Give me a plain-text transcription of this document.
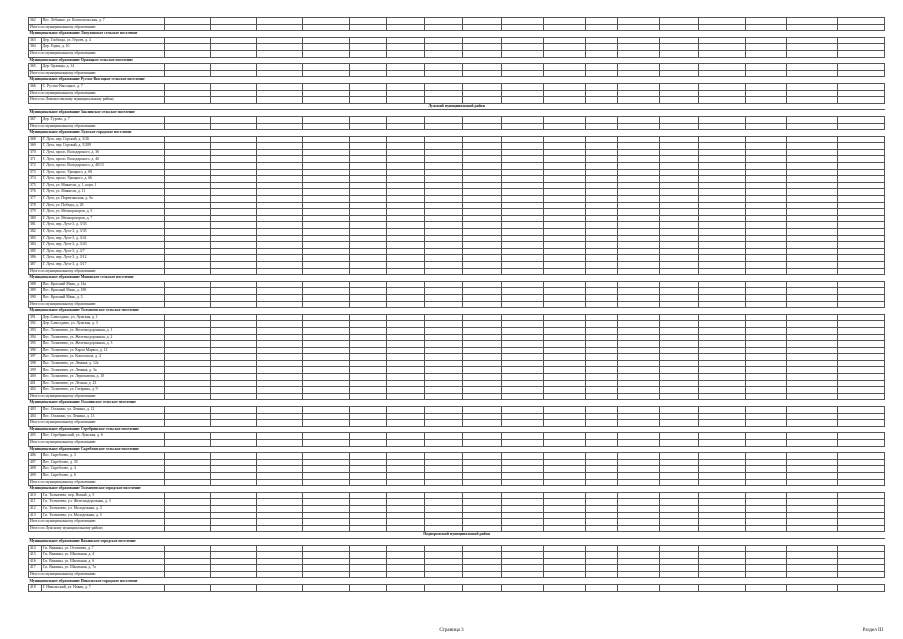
362	Пос. Лебяжье, ул. Комсомольская, д. 7																	
Итого по муниципальному образованию																		
Муниципальное образование Лопухинское сельское поселение																		
363	Дер. Глобицы, ул. Героев, д. 4																	
364	Дер. Горка, д. 10																	
Итого по муниципальному образованию																		
Муниципальное образование Оржицкое сельское поселение																		
365	Дер. Оржицы, д. 14																	
Итого по муниципальному образованию																		
Муниципальное образование Русско-Высоцкое сельское поселение																		
366	С. Русско-Высоцкое, д. 7																	
Итого по муниципальному образованию																		
Итого по Ломоносовскому муниципальному району																		
Лужский муниципальный район																		
Муниципальное образование Заклинское сельское поселение																		
367	Дер. Турово, д. 7																	
Итого по муниципальному образованию																		
Муниципальное образование Лужское городское поселение																		
368	Г. Луга, пер. Горский, д. 3/26																	
369	Г. Луга, пер. Горский, д. 5/289																	
370	Г. Луга, просп. Володарского, д. 36																	
371	Г. Луга, просп. Володарского, д. 40																	
372	Г. Луга, просп. Володарского, д. 40/15																	
373	Г. Луга, просп. Урицкого, д. 68																	
374	Г. Луга, просп. Урицкого, д. 66																	
375	Г. Луга, ул. Миккели, д. 1, корп. 1																	
376	Г. Луга, ул. Миккели, д. 11																	
377	Г. Луга, ул. Партизанская, д. 9а																	
378	Г. Луга, ул. Победы, д. 28																	
379	Г. Луга, ул. Мелиораторов, д. 5																	
380	Г. Луга, ул. Мелиораторов, д. 7																	
381	Г. Луга, пер. Луга-3, д. 3/33																	
382	Г. Луга, пер. Луга-3, д. 3/35																	
383	Г. Луга, пер. Луга-3, д. 3/41																	
384	Г. Луга, пер. Луга-3, д. 3/43																	
385	Г. Луга, пер. Луга-3, д. 3/7																	
386	Г. Луга, пер. Луга-3, д. 3/12																	
387	Г. Луга, пер. Луга-3, д. 3/17																	
Итого по муниципальному образованию																		
Муниципальное образование Мшинское сельское поселение																		
388	Пос. Красный Маяк, д. 14а																	
389	Пос. Красный Маяк, д. 18б																	
390	Пос. Красный Маяк, д. 3																	
Итого по муниципальному образованию																		
Муниципальное образование Толмачевское сельское поселение																		
391	Дер. Самолдино, ул. Лужская, д. 1																	
392	Дер. Самолдино, ул. Лужская, д. 3																	
393	Пос. Толмачево, ул. Железнодорожная, д. 1																	
394	Пос. Толмачево, ул. Железнодорожная, д. 2																	
395	Пос. Толмачево, ул. Железнодорожная, д. 3																	
396	Пос. Толмачево, ул. Карла Маркса, д. 12																	
397	Пос. Толмачево, ул. Комсомола, д. 4																	
398	Пос. Толмачево, ул. Ленина, д. 12а																	
399	Пос. Толмачево, ул. Ленина, д. 3а																	
400	Пос. Толмачево, ул. Лермонтова, д. 10																	
401	Пос. Толмачево, ул. Лесная, д. 23																	
402	Пос. Толмачево, ул. Гагарина, д. 9																	
Итого по муниципальному образованию																		
Муниципальное образование Осьминское сельское поселение																		
403	Пос. Осьмино, ул. Ленина, д. 12																	
404	Пос. Осьмино, ул. Ленина, д. 13																	
Итого по муниципальному образованию																		
Муниципальное образование Серебрянское сельское поселение																		
405	Пос. Серебрянский, ул. Лужская, д. 6																	
Итого по муниципальному образованию																		
Муниципальное образование Скребловское сельское поселение																		
406	Пос. Скреблово, д. 3																	
407	Пос. Скреблово, д. 35																	
408	Пос. Скреблово, д. 4																	
409	Пос. Скреблово, д. 6																	
Итого по муниципальному образованию																		
Муниципальное образование Толмачевское городское поселение																		
410	Г.п. Толмачево, пер. Новый, д. 5																	
411	Г.п. Толмачево, ул. Железнодорожная, д. 3																	
412	Г.п. Толмачево, ул. Молодежная, д. 3																	
413	Г.п. Толмачево, ул. Молодежная, д. 5																	
Итого по муниципальному образованию																		
Итого по Лужскому муниципальному району																		
Подпорожский муниципальный район																		
Муниципальное образование Важинское городское поселение																		
414	Г.п. Важины, ул. Осташева, д. 7																	
415	Г.п. Важины, ул. Школьная, д. 4																	
416	Г.п. Важины, ул. Школьная, д. 6																	
417	Г.п. Важины, ул. Школьная, д. 7а																	
Итого по муниципальному образованию																		
Муниципальное образование Никольское городское поселение																		
418	Г. Никольский, ул. Новая, д. 7																	
Страница 3	Раздел III
